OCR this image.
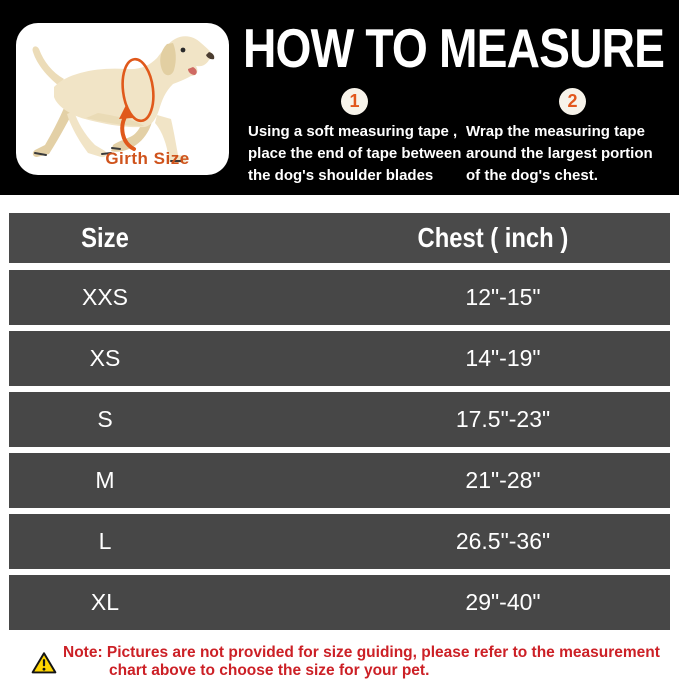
Girth Size
HOW TO MEASURE
1
Using a soft measuring tape ,
place the end of tape between
the dog's shoulder blades
2
Wrap the measuring tape
around the largest portion
of the dog's chest.
Size	Chest ( inch )
XXS	12"-15"
XS	14"-19"
S	17.5"-23"
M	21"-28"
L	26.5"-36"
XL	29"-40"
Note: Pictures are not provided for size guiding, please refer to the measurement
chart above to choose the size for your pet.
